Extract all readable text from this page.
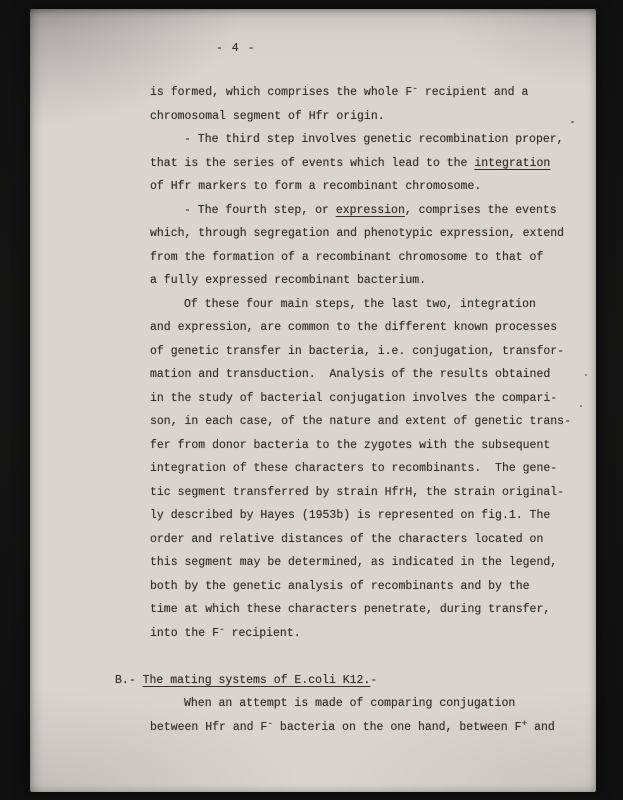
- 4 -
is formed, which comprises the whole F- recipient and a
chromosomal segment of Hfr origin.
- The third step involves genetic recombination proper,
that is the series of events which lead to the integration
of Hfr markers to form a recombinant chromosome.
- The fourth step, or expression, comprises the events
which, through segregation and phenotypic expression, extend
from the formation of a recombinant chromosome to that of
a fully expressed recombinant bacterium.
Of these four main steps, the last two, integration
and expression, are common to the different known processes
of genetic transfer in bacteria, i.e. conjugation, transfor-
mation and transduction.  Analysis of the results obtained
in the study of bacterial conjugation involves the compari-
son, in each case, of the nature and extent of genetic trans-
fer from donor bacteria to the zygotes with the subsequent
integration of these characters to recombinants.  The gene-
tic segment transferred by strain HfrH, the strain original-
ly described by Hayes (1953b) is represented on fig.1. The
order and relative distances of the characters located on
this segment may be determined, as indicated in the legend,
both by the genetic analysis of recombinants and by the
time at which these characters penetrate, during transfer,
into the F- recipient.
B.- The mating systems of E.coli K12.-
When an attempt is made of comparing conjugation
between Hfr and F- bacteria on the one hand, between F+ and
